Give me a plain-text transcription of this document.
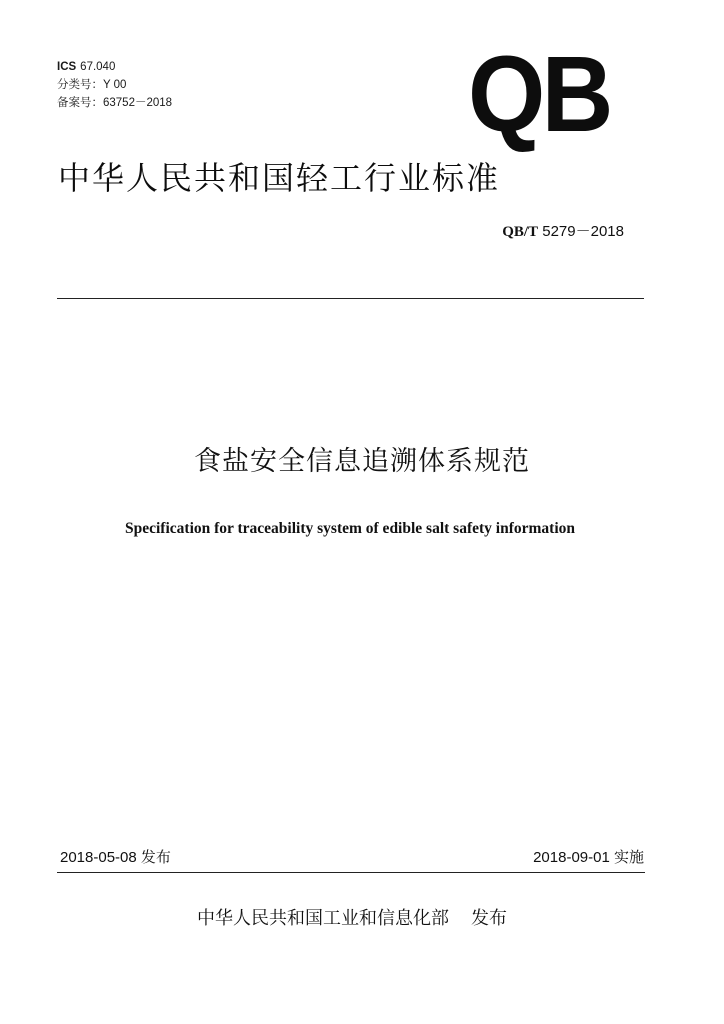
ICS 67.040
分类号： Y 00
备案号： 63752－2018	QB
中华人民共和国轻工行业标准
QB/T 5279－2018
食盐安全信息追溯体系规范
Specification for traceability system of edible salt safety information
2018-05-08 发布	2018-09-01 实施
中华人民共和国工业和信息化部 发布
